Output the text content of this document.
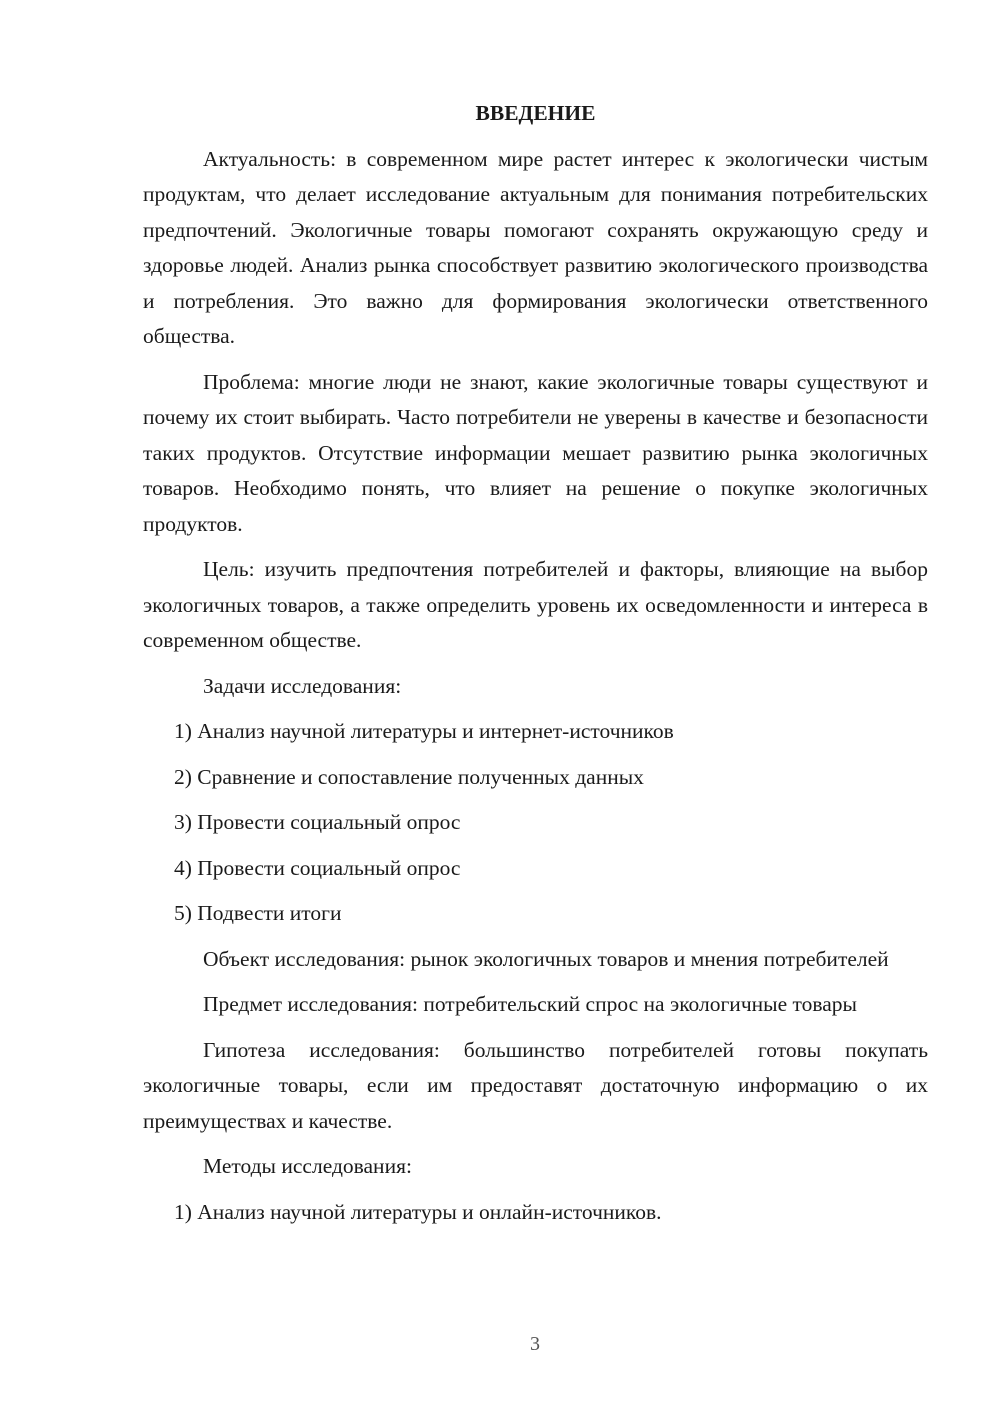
ВВЕДЕНИЕ

Актуальность: в современном мире растет интерес к экологически чистым продуктам, что делает исследование актуальным для понимания потребительских предпочтений. Экологичные товары помогают сохранять окружающую среду и здоровье людей. Анализ рынка способствует развитию экологического производства и потребления. Это важно для формирования экологически ответственного общества.

Проблема: многие люди не знают, какие экологичные товары существуют и почему их стоит выбирать. Часто потребители не уверены в качестве и безопасности таких продуктов. Отсутствие информации мешает развитию рынка экологичных товаров. Необходимо понять, что влияет на решение о покупке экологичных продуктов.

Цель: изучить предпочтения потребителей и факторы, влияющие на выбор экологичных товаров, а также определить уровень их осведомленности и интереса в современном обществе.

Задачи исследования:

1) Анализ научной литературы и интернет-источников
2) Сравнение и сопоставление полученных данных
3) Провести социальный опрос
4) Провести социальный опрос
5) Подвести итоги

Объект исследования: рынок экологичных товаров и мнения потребителей

Предмет исследования: потребительский спрос на экологичные товары

Гипотеза исследования: большинство потребителей готовы покупать экологичные товары, если им предоставят достаточную информацию о их преимуществах и качестве.

Методы исследования:

1) Анализ научной литературы и онлайн-источников.
3
